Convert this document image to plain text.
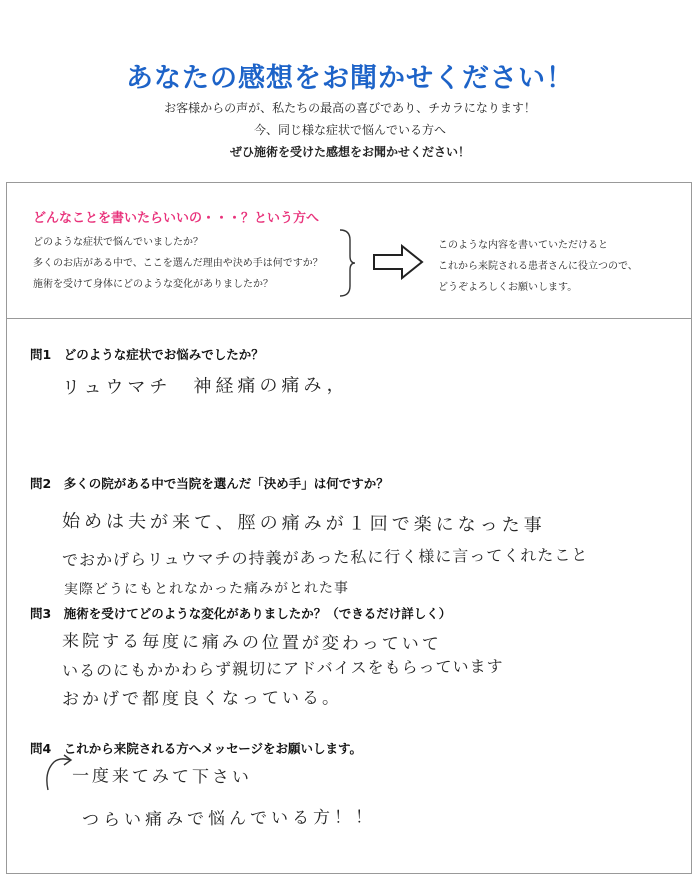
あなたの感想をお聞かせください！
お客様からの声が、私たちの最高の喜びであり、チカラになります！
今、同じ様な症状で悩んでいる方へ
ぜひ施術を受けた感想をお聞かせください！
どんなことを書いたらいいの・・・？という方へ
どのような症状で悩んでいましたか？
多くのお店がある中で、ここを選んだ理由や決め手は何ですか？
施術を受けて身体にどのような変化がありましたか？
このような内容を書いていただけると
これから来院される患者さんに役立つので、
どうぞよろしくお願いします。
問1　どのような症状でお悩みでしたか？
リュウマチ　神経痛の痛み，
問2　多くの院がある中で当院を選んだ「決め手」は何ですか？
始めは夫が来て、脛の痛みが１回で楽になった事
でおかげらリュウマチの持義があった私に行く様に言ってくれたこと
実際どうにもとれなかった痛みがとれた事
問3　施術を受けてどのような変化がありましたか？（できるだけ詳しく）
来院する毎度に痛みの位置が変わっていて
いるのにもかかわらず親切にアドバイスをもらっています
おかげで都度良くなっている。
問4　これから来院される方へメッセージをお願いします。
一度来てみて下さい
つらい痛みで悩んでいる方！！
